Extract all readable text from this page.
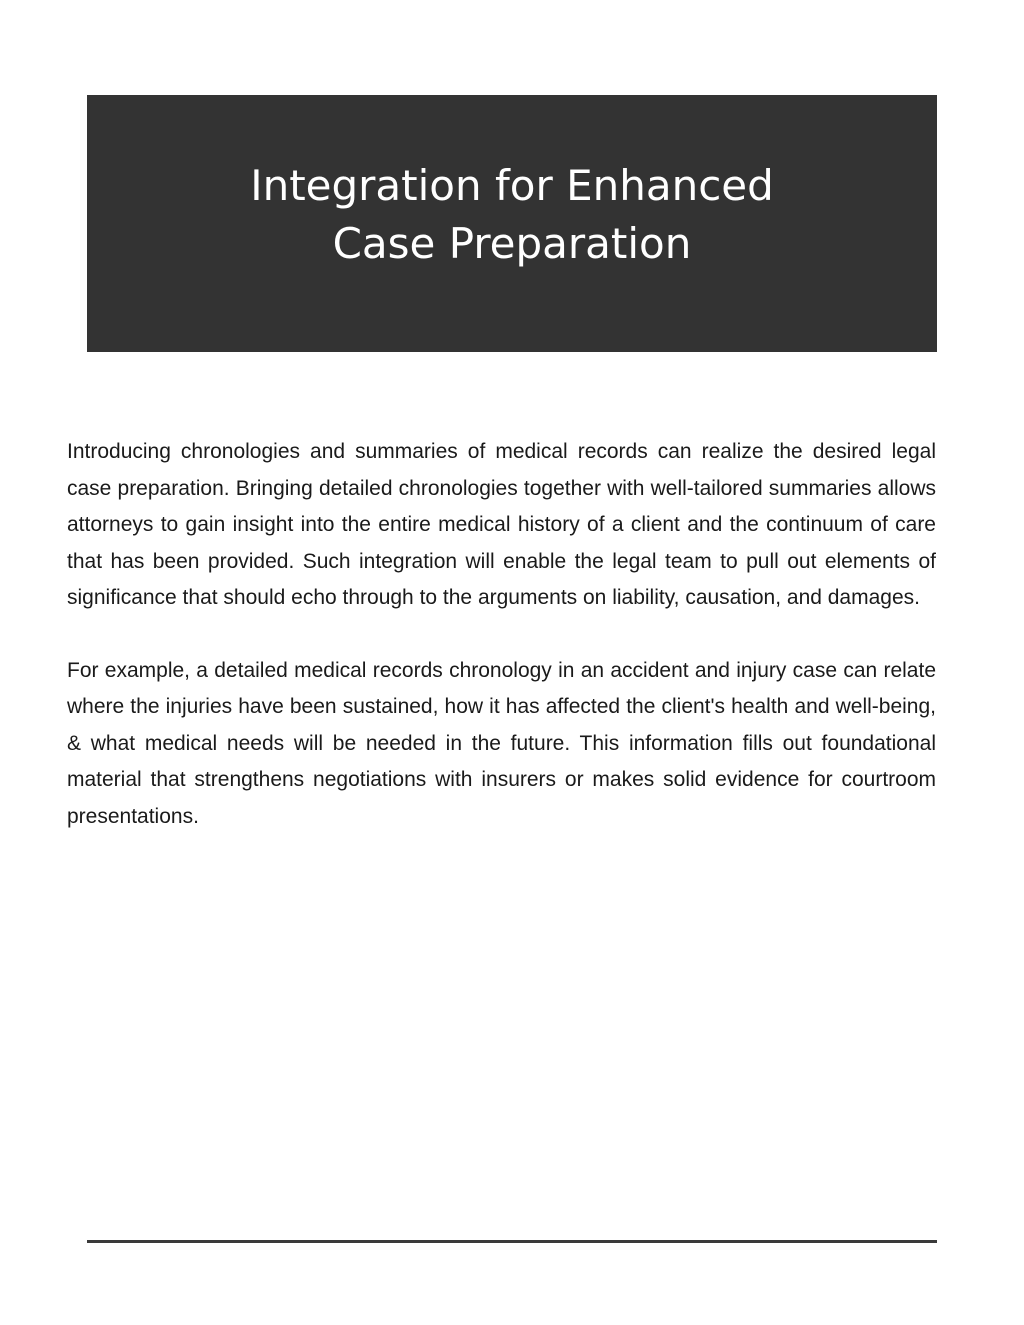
Integration for Enhanced Case Preparation

Introducing chronologies and summaries of medical records can realize the desired legal case preparation. Bringing detailed chronologies together with well-tailored summaries allows attorneys to gain insight into the entire medical history of a client and the continuum of care that has been provided. Such integration will enable the legal team to pull out elements of significance that should echo through to the arguments on liability, causation, and damages.

For example, a detailed medical records chronology in an accident and injury case can relate where the injuries have been sustained, how it has affected the client's health and well-being, & what medical needs will be needed in the future. This information fills out foundational material that strengthens negotiations with insurers or makes solid evidence for courtroom presentations.
